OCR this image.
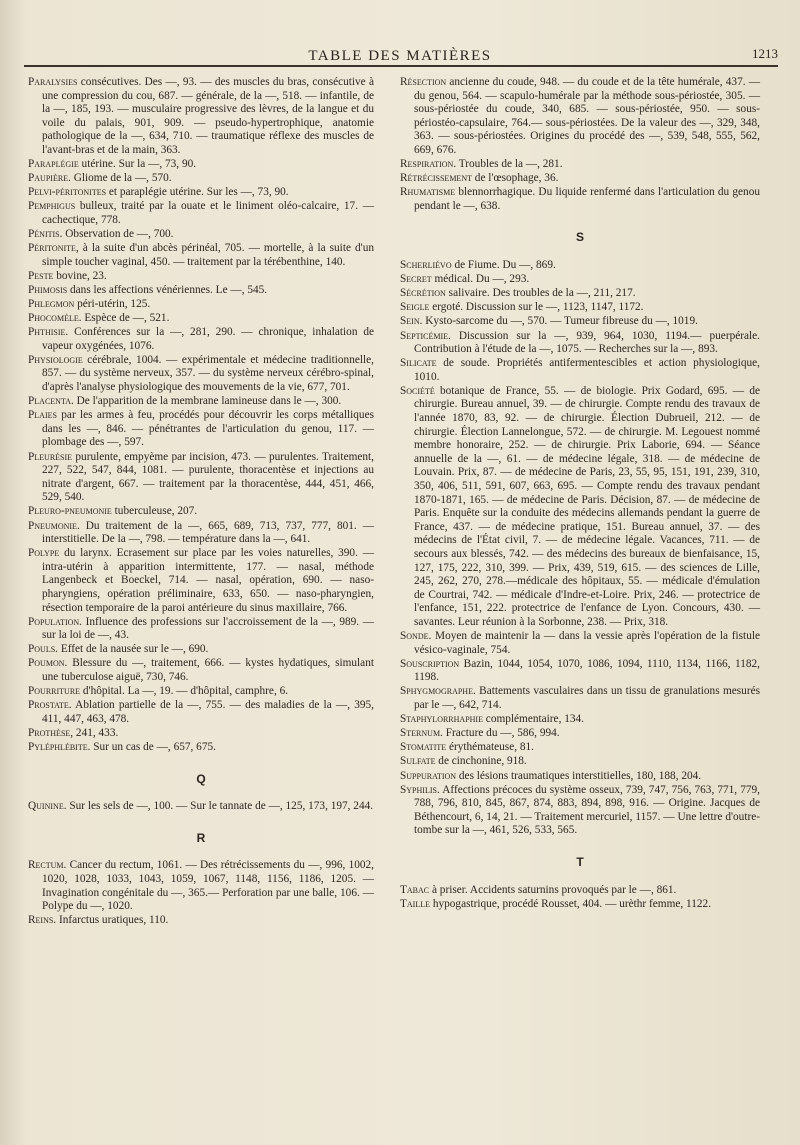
TABLE DES MATIÈRES	1213
Paralysies consécutives. Des —, 93. — des muscles du bras, consécutive à une compression du cou, 687. — générale, de la —, 518. — infantile, de la —, 185, 193. — musculaire progressive des lèvres, de la langue et du voile du palais, 901, 909. — pseudo-hypertrophique, anatomie pathologique de la —, 634, 710. — traumatique réflexe des muscles de l'avant-bras et de la main, 363.
Paraplégie utérine. Sur la —, 73, 90.
Paupière. Gliome de la —, 570.
Pelvi-péritonites et paraplégie utérine. Sur les —, 73, 90.
Pemphigus bulleux, traité par la ouate et le liniment oléo-calcaire, 17. — cachectique, 778.
Pénitis. Observation de —, 700.
Péritonite, à la suite d'un abcès périnéal, 705. — mortelle, à la suite d'un simple toucher vaginal, 450. — traitement par la térébenthine, 140.
Peste bovine, 23.
Phimosis dans les affections vénériennes. Le —, 545.
Phlegmon péri-utérin, 125.
Phocomèle. Espèce de —, 521.
Phthisie. Conférences sur la —, 281, 290. — chronique, inhalation de vapeur oxygénées, 1076.
Physiologie cérébrale, 1004. — expérimentale et médecine traditionnelle, 857. — du système nerveux, 357. — du système nerveux cérébro-spinal, d'après l'analyse physiologique des mouvements de la vie, 677, 701.
Placenta. De l'apparition de la membrane lamineuse dans le —, 300.
Plaies par les armes à feu, procédés pour découvrir les corps métalliques dans les —, 846. — pénétrantes de l'articulation du genou, 117. — plombage des —, 597.
Pleurésie purulente, empyème par incision, 473. — purulentes. Traitement, 227, 522, 547, 844, 1081. — purulente, thoracentèse et injections au nitrate d'argent, 667. — traitement par la thoracentèse, 444, 451, 466, 529, 540.
Pleuro-pneumonie tuberculeuse, 207.
Pneumonie. Du traitement de la —, 665, 689, 713, 737, 777, 801. — interstitielle. De la —, 798. — température dans la —, 641.
Polype du larynx. Ecrasement sur place par les voies naturelles, 390. — intra-utérin à apparition intermittente, 177. — nasal, méthode Langenbeck et Boeckel, 714. — nasal, opération, 690. — naso-pharyngiens, opération préliminaire, 633, 650. — naso-pharyngien, résection temporaire de la paroi antérieure du sinus maxillaire, 766.
Population. Influence des professions sur l'accroissement de la —, 989. — sur la loi de —, 43.
Pouls. Effet de la nausée sur le —, 690.
Poumon. Blessure du —, traitement, 666. — kystes hydatiques, simulant une tuberculose aiguë, 730, 746.
Pourriture d'hôpital. La —, 19. — d'hôpital, camphre, 6.
Prostate. Ablation partielle de la —, 755. — des maladies de la —, 395, 411, 447, 463, 478.
Prothèse, 241, 433.
Pyléphlébite. Sur un cas de —, 657, 675.
Q
Quinine. Sur les sels de —, 100. — Sur le tannate de —, 125, 173, 197, 244.
R
Rectum. Cancer du rectum, 1061. — Des rétrécissements du —, 996, 1002, 1020, 1028, 1033, 1043, 1059, 1067, 1148, 1156, 1186, 1205. — Invagination congénitale du —, 365.— Perforation par une balle, 106. — Polype du —, 1020.
Reins. Infarctus uratiques, 110.
Résection ancienne du coude, 948. — du coude et de la tête humérale, 437. — du genou, 564. — scapulo-humérale par la méthode sous-périostée, 305. — sous-périostée du coude, 340, 685. — sous-périostée, 950. — sous-périostéo-capsulaire, 764.— sous-périostées. De la valeur des —, 329, 348, 363. — sous-périostées. Origines du procédé des —, 539, 548, 555, 562, 669, 676.
Respiration. Troubles de la —, 281.
Rétrécissement de l'œsophage, 36.
Rhumatisme blennorrhagique. Du liquide renfermé dans l'articulation du genou pendant le —, 638.
S
Scherliévo de Fiume. Du —, 869.
Secret médical. Du —, 293.
Sécrétion salivaire. Des troubles de la —, 211, 217.
Seigle ergoté. Discussion sur le —, 1123, 1147, 1172.
Sein. Kysto-sarcome du —, 570. — Tumeur fibreuse du —, 1019.
Septicémie. Discussion sur la —, 939, 964, 1030, 1194.— puerpérale. Contribution à l'étude de la —, 1075. — Recherches sur la —, 893.
Silicate de soude. Propriétés antifermentescibles et action physiologique, 1010.
Société botanique de France, 55. — de biologie. Prix Godard, 695. — de chirurgie. Bureau annuel, 39. — de chirurgie. Compte rendu des travaux de l'année 1870, 83, 92. — de chirurgie. Élection Dubrueil, 212. — de chirurgie. Élection Lannelongue, 572. — de chirurgie. M. Legouest nommé membre honoraire, 252. — de chirurgie. Prix Laborie, 694. — Séance annuelle de la —, 61. — de médecine légale, 318. — de médecine de Louvain. Prix, 87. — de médecine de Paris, 23, 55, 95, 151, 191, 239, 310, 350, 406, 511, 591, 607, 663, 695. — Compte rendu des travaux pendant 1870-1871, 165. — de médecine de Paris. Décision, 87. — de médecine de Paris. Enquête sur la conduite des médecins allemands pendant la guerre de France, 437. — de médecine pratique, 151. Bureau annuel, 37. — des médecins de l'État civil, 7. — de médecine légale. Vacances, 711. — de secours aux blessés, 742. — des médecins des bureaux de bienfaisance, 15, 127, 175, 222, 310, 399. — Prix, 439, 519, 615. — des sciences de Lille, 245, 262, 270, 278.—médicale des hôpitaux, 55. — médicale d'émulation de Courtrai, 742. — médicale d'Indre-et-Loire. Prix, 246. — protectrice de l'enfance, 151, 222. protectrice de l'enfance de Lyon. Concours, 430. — savantes. Leur réunion à la Sorbonne, 238. — Prix, 318.
Sonde. Moyen de maintenir la — dans la vessie après l'opération de la fistule vésico-vaginale, 754.
Souscription Bazin, 1044, 1054, 1070, 1086, 1094, 1110, 1134, 1166, 1182, 1198.
Sphygmographe. Battements vasculaires dans un tissu de granulations mesurés par le —, 642, 714.
Staphylorrhaphie complémentaire, 134.
Sternum. Fracture du —, 586, 994.
Stomatite érythémateuse, 81.
Sulfate de cinchonine, 918.
Suppuration des lésions traumatiques interstitielles, 180, 188, 204.
Syphilis. Affections précoces du système osseux, 739, 747, 756, 763, 771, 779, 788, 796, 810, 845, 867, 874, 883, 894, 898, 916. — Origine. Jacques de Béthencourt, 6, 14, 21. — Traitement mercuriel, 1157. — Une lettre d'outre-tombe sur la —, 461, 526, 533, 565.
T
Tabac à priser. Accidents saturnins provoqués par le —, 861.
Taille hypogastrique, procédé Rousset, 404. — urèthr femme, 1122.
